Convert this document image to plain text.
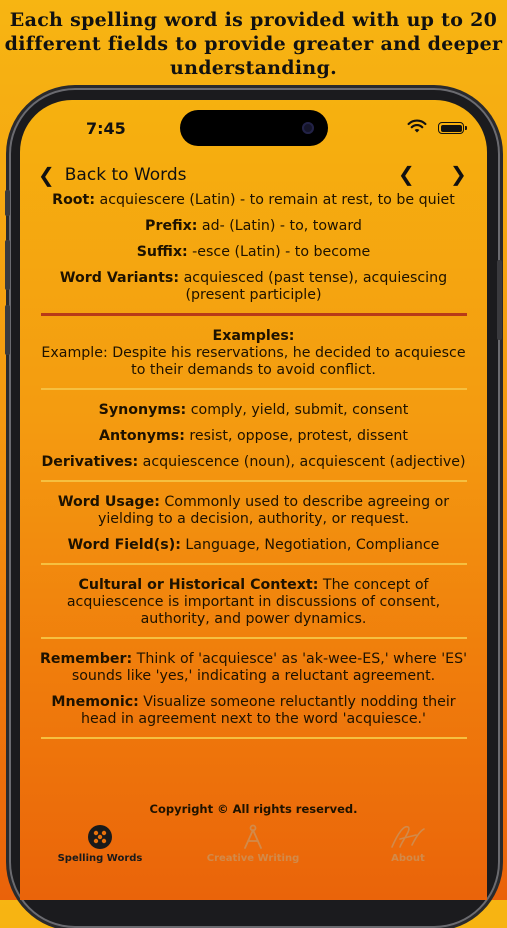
Each spelling word is provided with up to 20
different fields to provide greater and deeper
understanding.
7:45
❮ Back to Words	❮ ❯
Root: acquiescere (Latin) - to remain at rest, to be quiet
Prefix: ad- (Latin) - to, toward
Suffix: -esce (Latin) - to become
Word Variants: acquiesced (past tense), acquiescing (present participle)
Examples:
Example: Despite his reservations, he decided to acquiesce to their demands to avoid conflict.
Synonyms: comply, yield, submit, consent
Antonyms: resist, oppose, protest, dissent
Derivatives: acquiescence (noun), acquiescent (adjective)
Word Usage: Commonly used to describe agreeing or yielding to a decision, authority, or request.
Word Field(s): Language, Negotiation, Compliance
Cultural or Historical Context: The concept of acquiescence is important in discussions of consent, authority, and power dynamics.
Remember: Think of 'acquiesce' as 'ak-wee-ES,' where 'ES' sounds like 'yes,' indicating a reluctant agreement.
Mnemonic: Visualize someone reluctantly nodding their head in agreement next to the word 'acquiesce.'
Copyright © All rights reserved.
Spelling Words	Creative Writing	About
